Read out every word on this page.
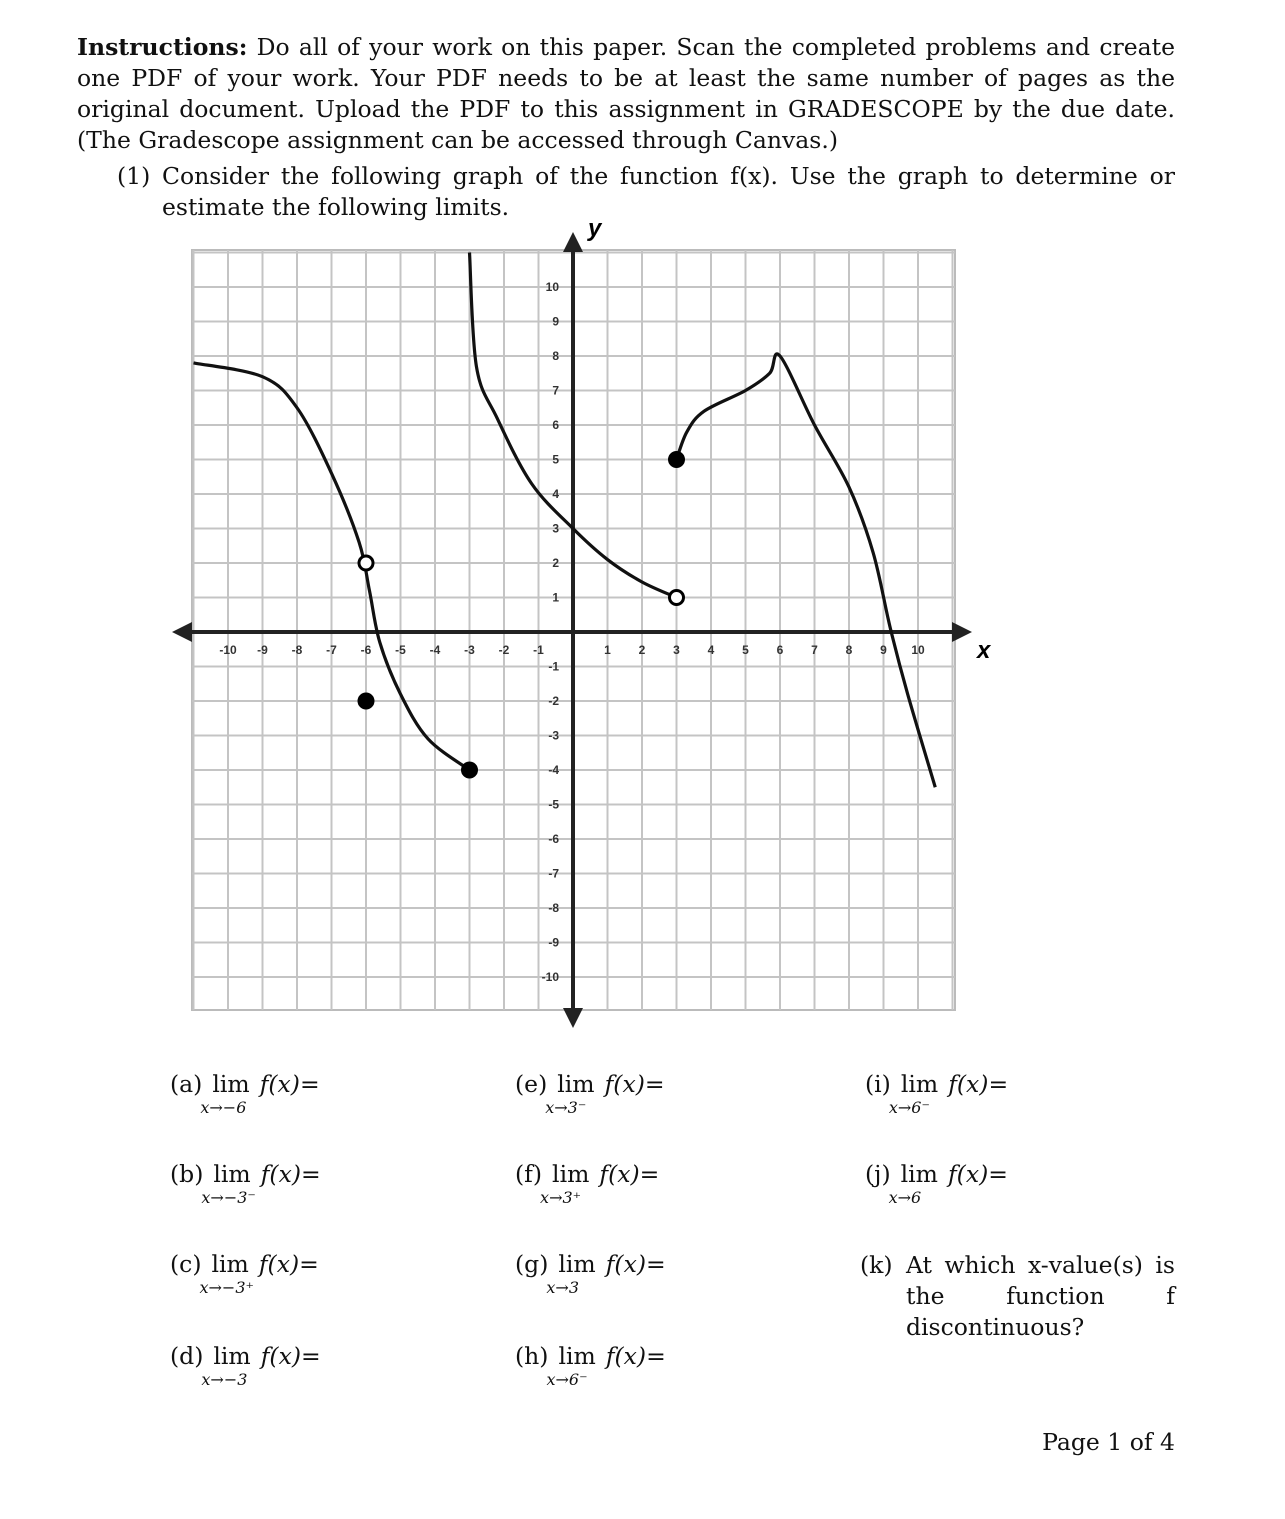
Instructions: Do all of your work on this paper. Scan the completed problems and create one PDF of your work. Your PDF needs to be at least the same number of pages as the original document. Upload the PDF to this assignment in GRADESCOPE by the due date. (The Gradescope assignment can be accessed through Canvas.)
(1) Consider the following graph of the function f(x). Use the graph to determine or estimate the following limits.
-10 -9 -8 -7 -6 -5 -4 -3 -2 -1	1 2 3 4 5 6 7 8 9 10
10
9
8
7
6
5
4
3
2
1
-1
-2
-3
-4
-5
-6
-7
-8
-9
-10
x
y
(a) lim
x→−6
f(x)=
(b) lim
x→−3⁻
f(x)=
(c) lim
x→−3⁺
f(x)=
(d) lim
x→−3
f(x)=
(e) lim
x→3⁻
f(x)=
(f) lim
x→3⁺
f(x)=
(g) lim
x→3
f(x)=
(h) lim
x→6⁻
f(x)=
(i) lim
x→6⁻
f(x)=
(j) lim
x→6
f(x)=
(k) At which x-value(s) is the function f discontinuous?
Page 1 of 4
